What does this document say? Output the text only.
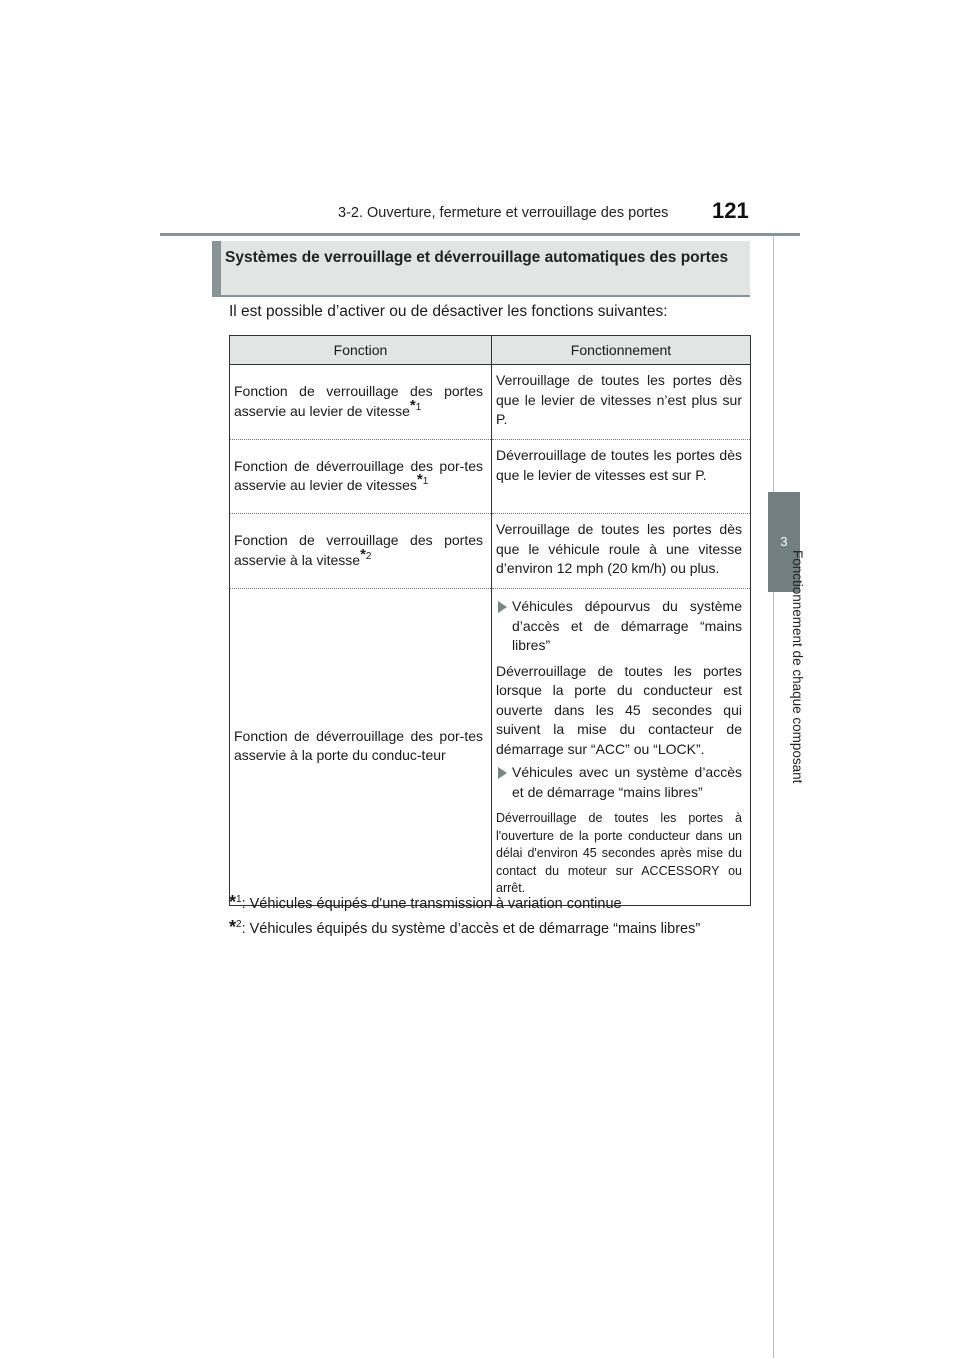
3-2. Ouverture, fermeture et verrouillage des portes 121
3
Fonctionnement de chaque composant
Systèmes de verrouillage et déverrouillage automatiques des portes
Il est possible d’activer ou de désactiver les fonctions suivantes:
Fonction	Fonctionnement
Fonction de verrouillage des portes asservie au levier de vitesse$^{*1}$	Verrouillage de toutes les portes dès que le levier de vitesses n’est plus sur P.
Fonction de déverrouillage des por-tes asservie au levier de vitesses$^{*1}$	Déverrouillage de toutes les portes dès que le levier de vitesses est sur P.
Fonction de verrouillage des portes asservie à la vitesse$^{*2}$	Verrouillage de toutes les portes dès que le véhicule roule à une vitesse d’environ 12 mph (20 km/h) ou plus.
Fonction de déverrouillage des por-tes asservie à la porte du conduc-teur	Véhicules dépourvus du système d’accès et de démarrage “mains libres”
Déverrouillage de toutes les portes lorsque la porte du conducteur est ouverte dans les 45 secondes qui suivent la mise du contacteur de démarrage sur “ACC” ou “LOCK”.
Véhicules avec un système d’accès et de démarrage “mains libres”
Déverrouillage de toutes les portes à l'ouverture de la porte conducteur dans un délai d'environ 45 secondes après mise du contact du moteur sur ACCESSORY ou arrêt.
*$^1$: Véhicules équipés d'une transmission à variation continue
*$^2$: Véhicules équipés du système d’accès et de démarrage “mains libres”
